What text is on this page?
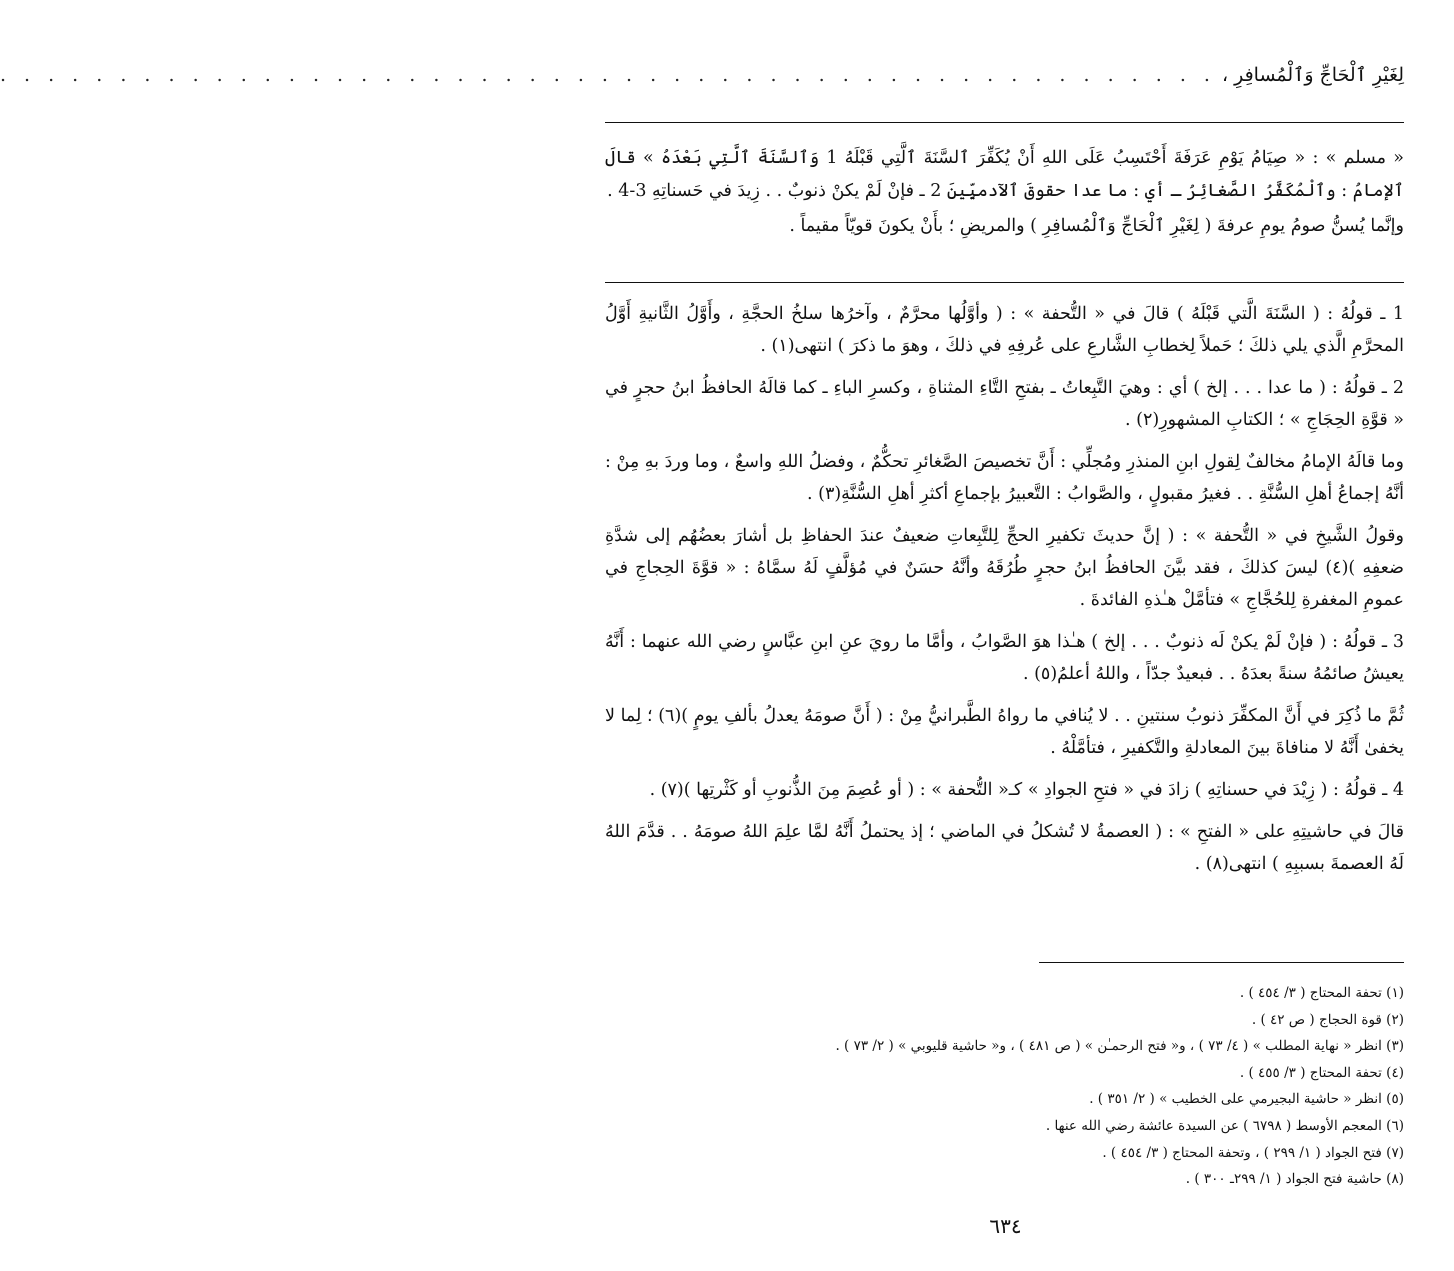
لِغَيْرِ ٱلْحَاجِّ وَٱلْمُسافِرِ ،
. . . . . . . . . . . . . . . . . . . . . . . . . . . . . . . . . . . . . . . . . . . . . . . . . . .

« مسلم » : « صِيَامُ يَوْمِ عَرَفَةَ أَحْتَسِبُ عَلَى اللهِ أَنْ يُكَفِّرَ ٱلسَّنَةَ ٱلَّتِي قَبْلَهُ 1 وَٱلسَّنَةَ ٱلَّتِي بَعْدَهُ » قالَ ٱلإمامُ : وٱلْمُكَفَّرُ الصَّغائِرُ ـ أي : ما عدا حقوقَ ٱلآدميِّينَ 2 ـ فإنْ لَمْ يكنْ ذنوبٌ . . زِيدَ في حَسناتِهِ 3-4 .

وإنَّما يُسنُّ صومُ يومِ عرفةَ ( لِغَيْرِ ٱلْحَاجِّ وَٱلْمُسافِرِ ) والمريضِ ؛ بأَنْ يكونَ قويّاً مقيماً .

1 ـ قولُهُ : ( السَّنَةَ الَّتي قَبْلَهُ ) قالَ في « التُّحفة » : ( وأوَّلُها محرَّمٌ ، وآخرُها سلخُ الحجَّةِ ، وأَوَّلُ الثَّانيةِ أَوَّلُ المحرَّمِ الَّذي يلي ذلكَ ؛ حَملاً لِخطابِ الشَّارعِ على عُرفِهِ في ذلكَ ، وهوَ ما ذكرَ ) انتهى(١) .

2 ـ قولُهُ : ( ما عدا . . . إلخ ) أي : وهيَ التَّبِعاتُ ـ بفتحِ التَّاءِ المثناةِ ، وكسرِ الباءِ ـ كما قالَهُ الحافظُ ابنُ حجرٍ في « قوَّةِ الحِجَاجِ » ؛ الكتابِ المشهورِ(٢) .

وما قالَهُ الإمامُ مخالفٌ لِقولِ ابنِ المنذرِ ومُجلِّي : أَنَّ تخصيصَ الصَّغائرِ تحكُّمٌ ، وفضلُ اللهِ واسعٌ ، وما وردَ بهِ مِنْ : أنَّهُ إجماعُ أهلِ السُّنَّةِ . . فغيرُ مقبولٍ ، والصَّوابُ : التَّعبيرُ بإجماعِ أكثرِ أهلِ السُّنَّةِ(٣) .

وقولُ الشَّيخِ في « التُّحفة » : ( إنَّ حديثَ تكفيرِ الحجِّ لِلتَّبِعاتِ ضعيفٌ عندَ الحفاظِ بل أشارَ بعضُهُم إلى شدَّةِ ضعفِهِ )(٤) ليسَ كذلكَ ، فقد بيَّنَ الحافظُ ابنُ حجرٍ طُرُقَهُ وأنَّهُ حسَنٌ في مُؤلَّفٍ لَهُ سمَّاهُ : « قوَّةَ الحِجاجِ في عمومِ المغفرةِ لِلحُجَّاجِ » فتأمَّلْ هـٰذهِ الفائدةَ .

3 ـ قولُهُ : ( فإنْ لَمْ يكنْ لَه ذنوبٌ . . . إلخ ) هـٰذا هوَ الصَّوابُ ، وأمَّا ما رويَ عنِ ابنِ عبَّاسٍ رضي الله عنهما : أَنَّهُ يعيشُ صائمُهُ سنةً بعدَهُ . . فبعيدٌ جدّاً ، واللهُ أعلمُ(٥) .

ثُمَّ ما ذُكِرَ في أَنَّ المكفِّرَ ذنوبُ سنتينِ . . لا يُنافي ما رواهُ الطَّبرانيُّ مِنْ : ( أَنَّ صومَهُ يعدلُ بألفِ يومٍ )(٦) ؛ لِما لا يخفىٰ أَنَّهُ لا منافاةَ بينَ المعادلةِ والتَّكفيرِ ، فتأمَّلْهُ .

4 ـ قولُهُ : ( زِيْدَ في حسناتِهِ ) زادَ في « فتحِ الجوادِ » كـ« التُّحفة » : ( أو عُصِمَ مِنَ الذُّنوبِ أو كَثْرتِها )(٧) .

قالَ في حاشيتِهِ على « الفتحِ » : ( العصمةُ لا تُشكلُ في الماضي ؛ إذ يحتملُ أَنَّهُ لمَّا علِمَ اللهُ صومَهُ . . قدَّمَ اللهُ لَهُ العصمةَ بسببِهِ ) انتهى(٨) .

(١) تحفة المحتاج ( ٣/ ٤٥٤ ) .

(٢) قوة الحجاج ( ص ٤٢ ) .

(٣) انظر « نهاية المطلب » ( ٤/ ٧٣ ) ، و« فتح الرحمـٰن » ( ص ٤٨١ ) ، و« حاشية قليوبي » ( ٢/ ٧٣ ) .

(٤) تحفة المحتاج ( ٣/ ٤٥٥ ) .

(٥) انظر « حاشية البجيرمي على الخطيب » ( ٢/ ٣٥١ ) .

(٦) المعجم الأوسط ( ٦٧٩٨ ) عن السيدة عائشة رضي الله عنها .

(٧) فتح الجواد ( ١/ ٢٩٩ ) ، وتحفة المحتاج ( ٣/ ٤٥٤ ) .

(٨) حاشية فتح الجواد ( ١/ ٢٩٩ـ ٣٠٠ ) .

٦٣٤
